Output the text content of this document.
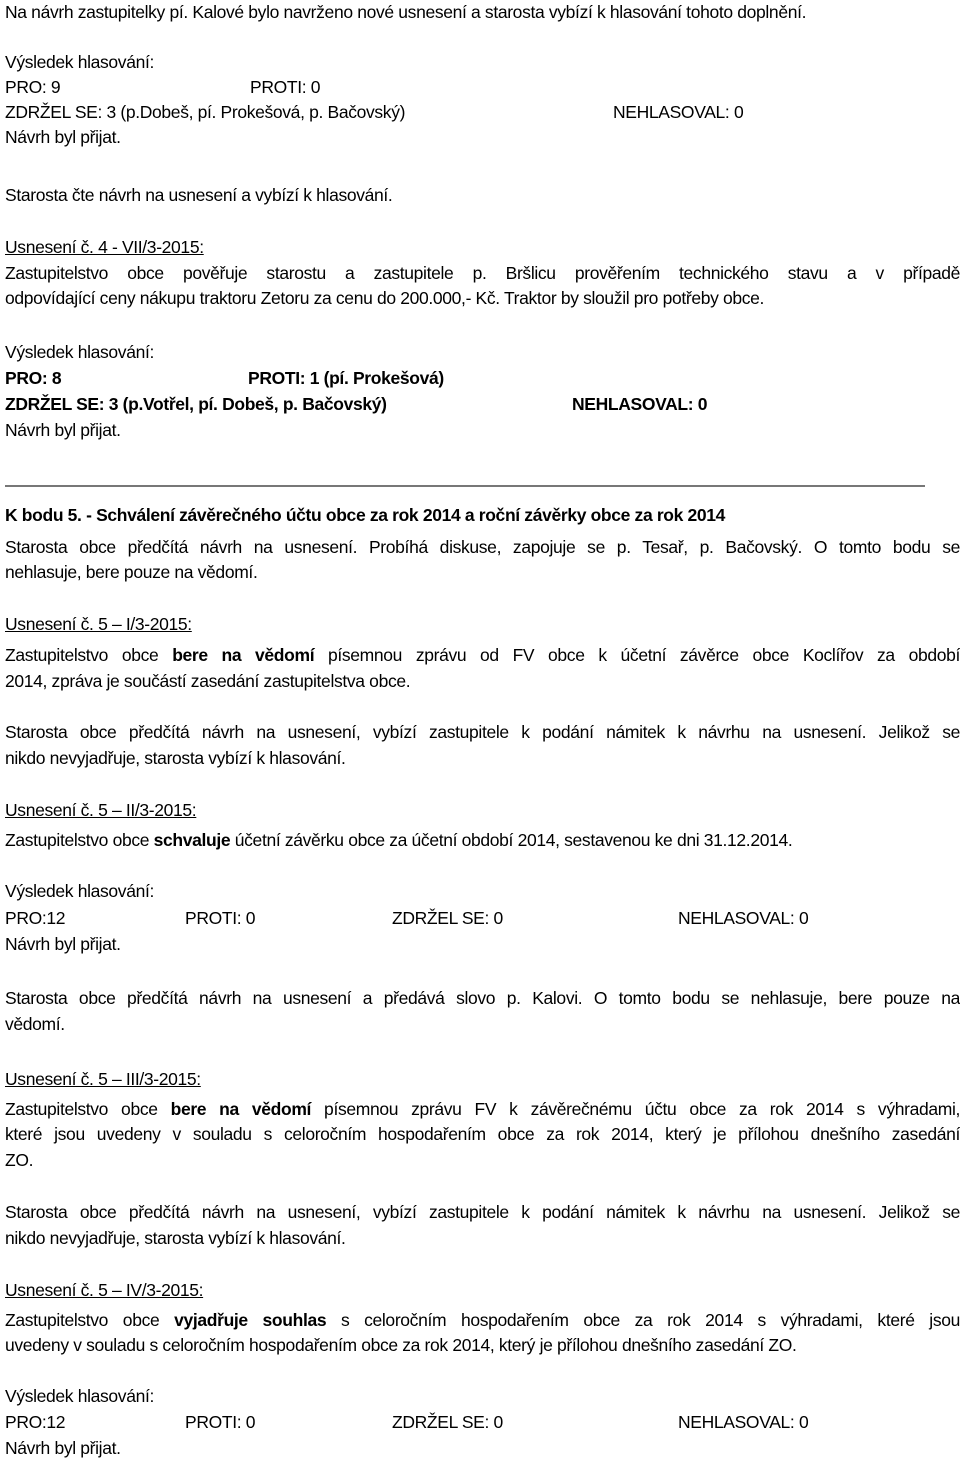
Na návrh zastupitelky pí. Kalové bylo navrženo nové usnesení a starosta vybízí k hlasování tohoto doplnění.
Výsledek hlasování:
PRO: 9	PROTI: 0
ZDRŽEL SE: 3 (p.Dobeš, pí. Prokešová, p. Bačovský)	NEHLASOVAL: 0
Návrh byl přijat.
Starosta čte návrh na usnesení a vybízí k hlasování.
Usnesení č. 4 - VII/3-2015:
Zastupitelstvo obce pověřuje starostu a zastupitele p. Bršlicu prověřením technického stavu a v případě
odpovídající ceny nákupu traktoru Zetoru za cenu do 200.000,- Kč. Traktor by sloužil pro potřeby obce.
Výsledek hlasování:
PRO: 8	PROTI: 1 (pí. Prokešová)
ZDRŽEL SE: 3 (p.Votřel, pí. Dobeš, p. Bačovský)	NEHLASOVAL: 0
Návrh byl přijat.
K bodu 5. - Schválení závěrečného účtu obce za rok 2014 a roční závěrky obce za rok 2014
Starosta obce předčítá návrh na usnesení. Probíhá diskuse, zapojuje se p. Tesař, p. Bačovský. O tomto bodu se
nehlasuje, bere pouze na vědomí.
Usnesení č. 5 – I/3-2015:
Zastupitelstvo obce bere na vědomí písemnou zprávu od FV obce k účetní závěrce obce Koclířov za období
2014, zpráva je součástí zasedání zastupitelstva obce.
Starosta obce předčítá návrh na usnesení, vybízí zastupitele k podání námitek k návrhu na usnesení. Jelikož se
nikdo nevyjadřuje, starosta vybízí k hlasování.
Usnesení č. 5 – II/3-2015:
Zastupitelstvo obce schvaluje účetní závěrku obce za účetní období 2014, sestavenou ke dni 31.12.2014.
Výsledek hlasování:
PRO:12	PROTI: 0	ZDRŽEL SE: 0	NEHLASOVAL: 0
Návrh byl přijat.
Starosta obce předčítá návrh na usnesení a předává slovo p. Kalovi. O tomto bodu se nehlasuje, bere pouze na
vědomí.
Usnesení č. 5 – III/3-2015:
Zastupitelstvo obce bere na vědomí písemnou zprávu FV k závěrečnému účtu obce za rok 2014 s výhradami,
které jsou uvedeny v souladu s celoročním hospodařením obce za rok 2014, který je přílohou dnešního zasedání
ZO.
Starosta obce předčítá návrh na usnesení, vybízí zastupitele k podání námitek k návrhu na usnesení. Jelikož se
nikdo nevyjadřuje, starosta vybízí k hlasování.
Usnesení č. 5 – IV/3-2015:
Zastupitelstvo obce vyjadřuje souhlas s celoročním hospodařením obce za rok 2014 s výhradami, které jsou
uvedeny v souladu s celoročním hospodařením obce za rok 2014, který je přílohou dnešního zasedání ZO.
Výsledek hlasování:
PRO:12	PROTI: 0	ZDRŽEL SE: 0	NEHLASOVAL: 0
Návrh byl přijat.
